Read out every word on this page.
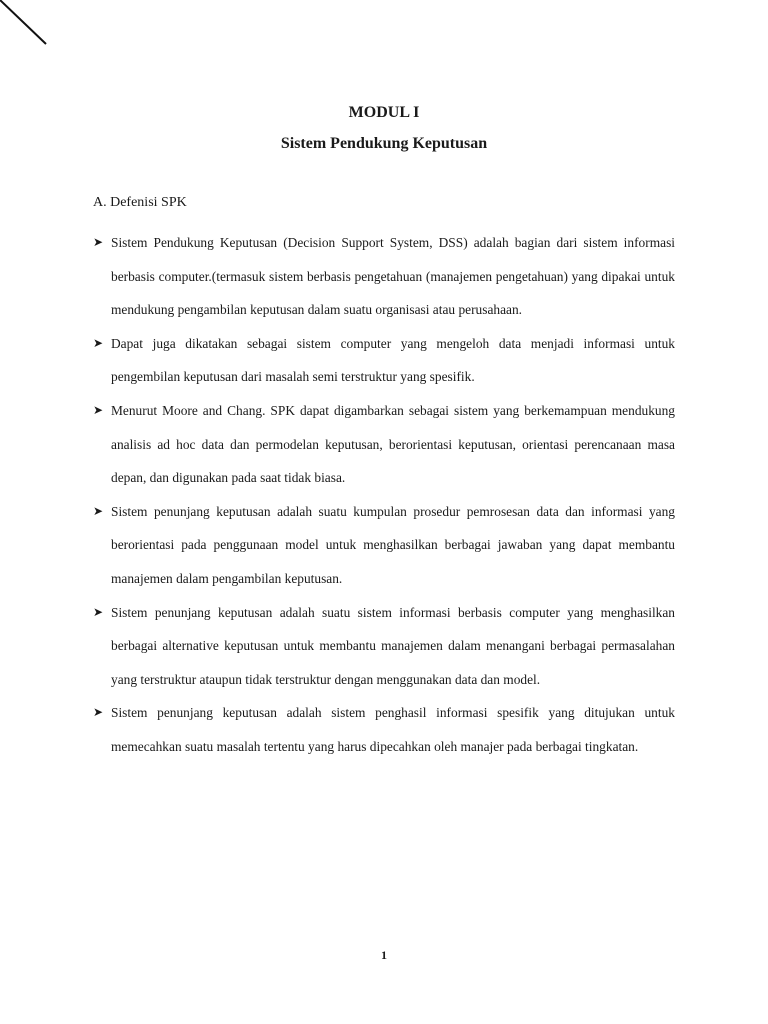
MODUL I
Sistem Pendukung Keputusan

A. Defenisi SPK

➤ Sistem Pendukung Keputusan (Decision Support System, DSS) adalah bagian dari sistem informasi berbasis computer.(termasuk sistem berbasis pengetahuan (manajemen pengetahuan) yang dipakai untuk mendukung pengambilan keputusan dalam suatu organisasi atau perusahaan.
➤ Dapat juga dikatakan sebagai sistem computer yang mengeloh data menjadi informasi untuk pengembilan keputusan dari masalah semi terstruktur yang spesifik.
➤ Menurut Moore and Chang. SPK dapat digambarkan sebagai sistem yang berkemampuan mendukung analisis ad hoc data dan permodelan keputusan, berorientasi keputusan, orientasi perencanaan masa depan, dan digunakan pada saat tidak biasa.
➤ Sistem penunjang keputusan adalah suatu kumpulan prosedur pemrosesan data dan informasi yang berorientasi pada penggunaan model untuk menghasilkan berbagai jawaban yang dapat membantu manajemen dalam pengambilan keputusan.
➤ Sistem penunjang keputusan adalah suatu sistem informasi berbasis computer yang menghasilkan berbagai alternative keputusan untuk membantu manajemen dalam menangani berbagai permasalahan yang terstruktur ataupun tidak terstruktur dengan menggunakan data dan model.
➤ Sistem penunjang keputusan adalah sistem penghasil informasi spesifik yang ditujukan untuk memecahkan suatu masalah tertentu yang harus dipecahkan oleh manajer pada berbagai tingkatan.

1
